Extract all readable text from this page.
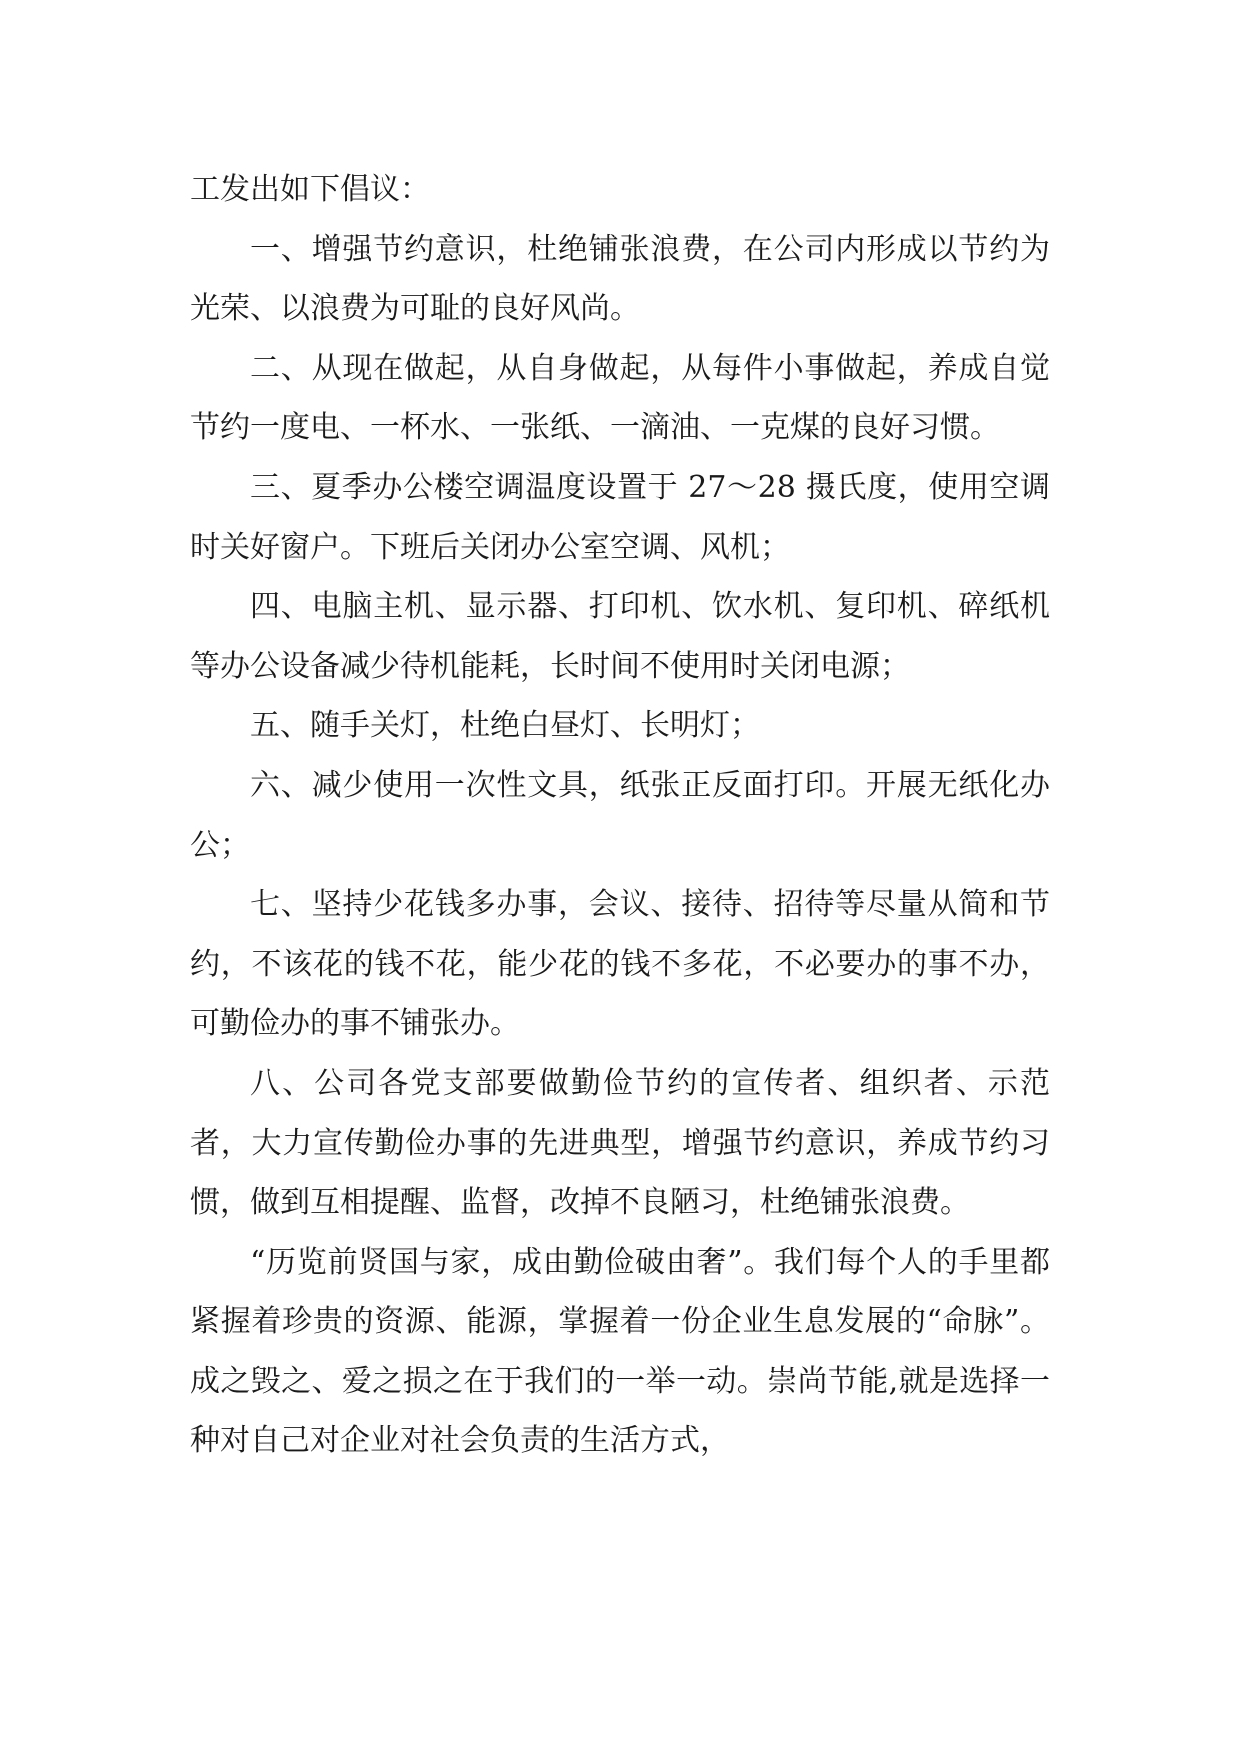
工发出如下倡议：

一、增强节约意识，杜绝铺张浪费，在公司内形成以节约为光荣、以浪费为可耻的良好风尚。

二、从现在做起，从自身做起，从每件小事做起，养成自觉节约一度电、一杯水、一张纸、一滴油、一克煤的良好习惯。

三、夏季办公楼空调温度设置于 27～28 摄氏度，使用空调时关好窗户。下班后关闭办公室空调、风机；

四、电脑主机、显示器、打印机、饮水机、复印机、碎纸机等办公设备减少待机能耗，长时间不使用时关闭电源；

五、随手关灯，杜绝白昼灯、长明灯；

六、减少使用一次性文具，纸张正反面打印。开展无纸化办公；

七、坚持少花钱多办事，会议、接待、招待等尽量从简和节约，不该花的钱不花，能少花的钱不多花，不必要办的事不办，可勤俭办的事不铺张办。

八、公司各党支部要做勤俭节约的宣传者、组织者、示范者，大力宣传勤俭办事的先进典型，增强节约意识，养成节约习惯，做到互相提醒、监督，改掉不良陋习，杜绝铺张浪费。

“历览前贤国与家，成由勤俭破由奢”。我们每个人的手里都紧握着珍贵的资源、能源，掌握着一份企业生息发展的“命脉”。成之毁之、爱之损之在于我们的一举一动。崇尚节能,就是选择一种对自己对企业对社会负责的生活方式，
